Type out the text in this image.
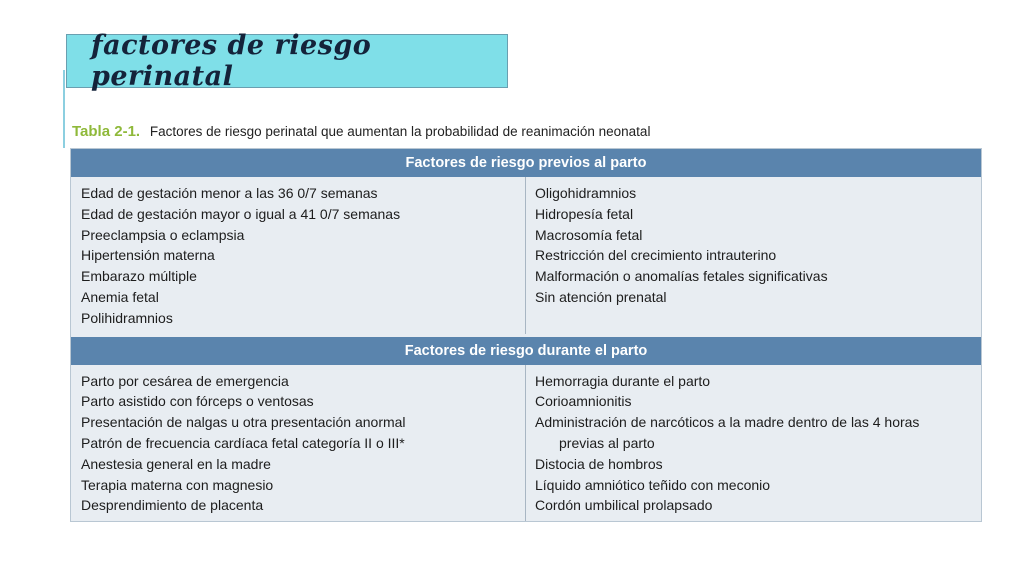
factores de riesgo perinatal
Tabla 2-1. Factores de riesgo perinatal que aumentan la probabilidad de reanimación neonatal
Factores de riesgo previos al parto
Edad de gestación menor a las 36 0/7 semanas
Edad de gestación mayor o igual a 41 0/7 semanas
Preeclampsia o eclampsia
Hipertensión materna
Embarazo múltiple
Anemia fetal
Polihidramnios
Oligohidramnios
Hidropesía fetal
Macrosomía fetal
Restricción del crecimiento intrauterino
Malformación o anomalías fetales significativas
Sin atención prenatal
Factores de riesgo durante el parto
Parto por cesárea de emergencia
Parto asistido con fórceps o ventosas
Presentación de nalgas u otra presentación anormal
Patrón de frecuencia cardíaca fetal categoría II o III*
Anestesia general en la madre
Terapia materna con magnesio
Desprendimiento de placenta
Hemorragia durante el parto
Corioamnionitis
Administración de narcóticos a la madre dentro de las 4 horas
previas al parto
Distocia de hombros
Líquido amniótico teñido con meconio
Cordón umbilical prolapsado
